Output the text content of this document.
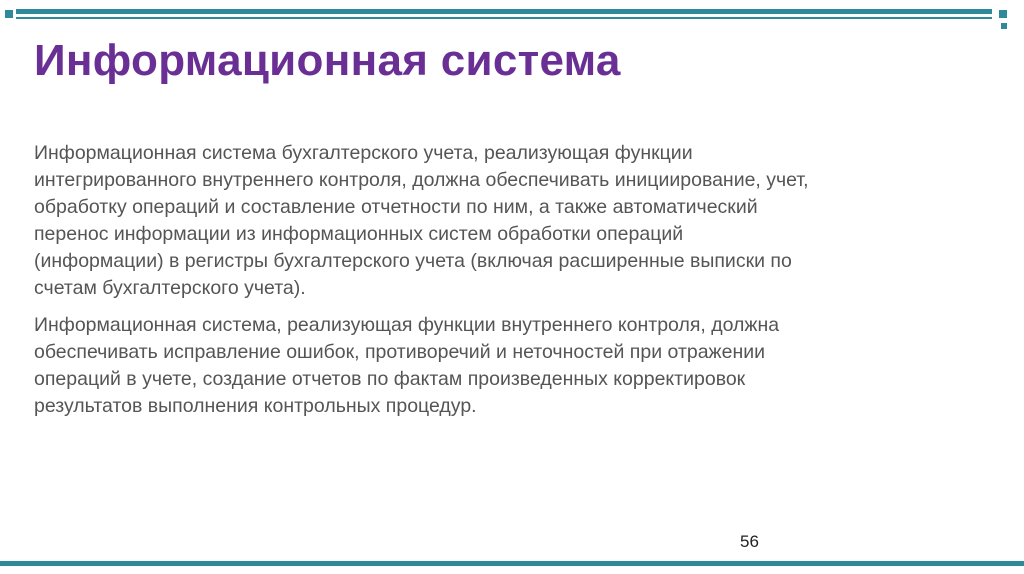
Информационная система

Информационная система бухгалтерского учета, реализующая функции
интегрированного внутреннего контроля, должна обеспечивать инициирование, учет,
обработку операций и составление отчетности по ним, а также автоматический
перенос информации из информационных систем обработки операций
(информации) в регистры бухгалтерского учета (включая расширенные выписки по
счетам бухгалтерского учета).

Информационная система, реализующая функции внутреннего контроля, должна
обеспечивать исправление ошибок, противоречий и неточностей при отражении
операций в учете, создание отчетов по фактам произведенных корректировок
результатов выполнения контрольных процедур.

56
